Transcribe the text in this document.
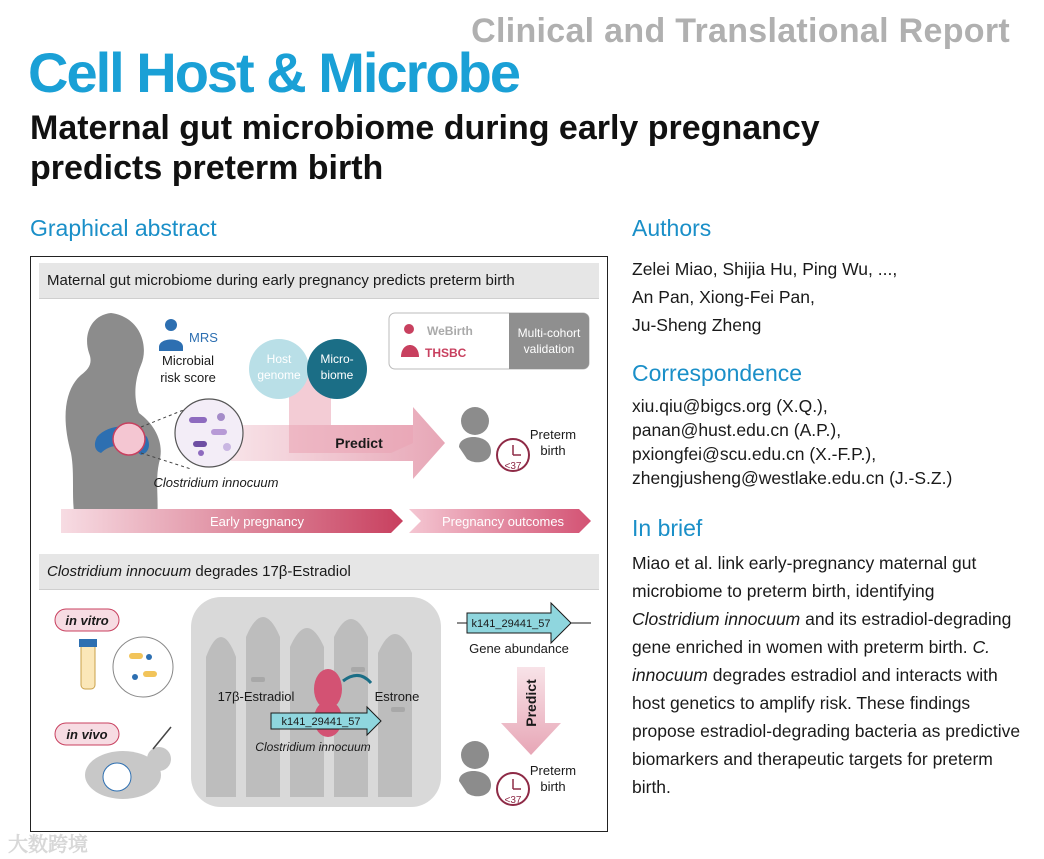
Clinical and Translational Report
Cell Host & Microbe
Maternal gut microbiome during early pregnancy
predicts preterm birth
Graphical abstract
Maternal gut microbiome during early pregnancy predicts preterm birth
Clostridium innocuum degrades 17β-Estradiol
Predict
Clostridium innocuum
MRS
Microbial
risk score
Host
genome
Micro-
biome
WeBirth
THSBC
Multi-cohort
validation
<37
Preterm
birth
Early pregnancy	Pregnancy outcomes
in vitro
in vivo
17β-Estradiol	Estrone
k141_29441_57
Clostridium innocuum
k141_29441_57
Gene abundance
Predict
<37
Preterm
birth
Authors
Zelei Miao, Shijia Hu, Ping Wu, ...,
An Pan, Xiong-Fei Pan,
Ju-Sheng Zheng
Correspondence
xiu.qiu@bigcs.org (X.Q.),
panan@hust.edu.cn (A.P.),
pxiongfei@scu.edu.cn (X.-F.P.),
zhengjusheng@westlake.edu.cn (J.-S.Z.)
In brief
Miao et al. link early-pregnancy maternal gut microbiome to preterm birth, identifying Clostridium innocuum and its estradiol-degrading gene enriched in women with preterm birth. C. innocuum degrades estradiol and interacts with host genetics to amplify risk. These findings propose estradiol-degrading bacteria as predictive biomarkers and therapeutic targets for preterm birth.
大数跨境
